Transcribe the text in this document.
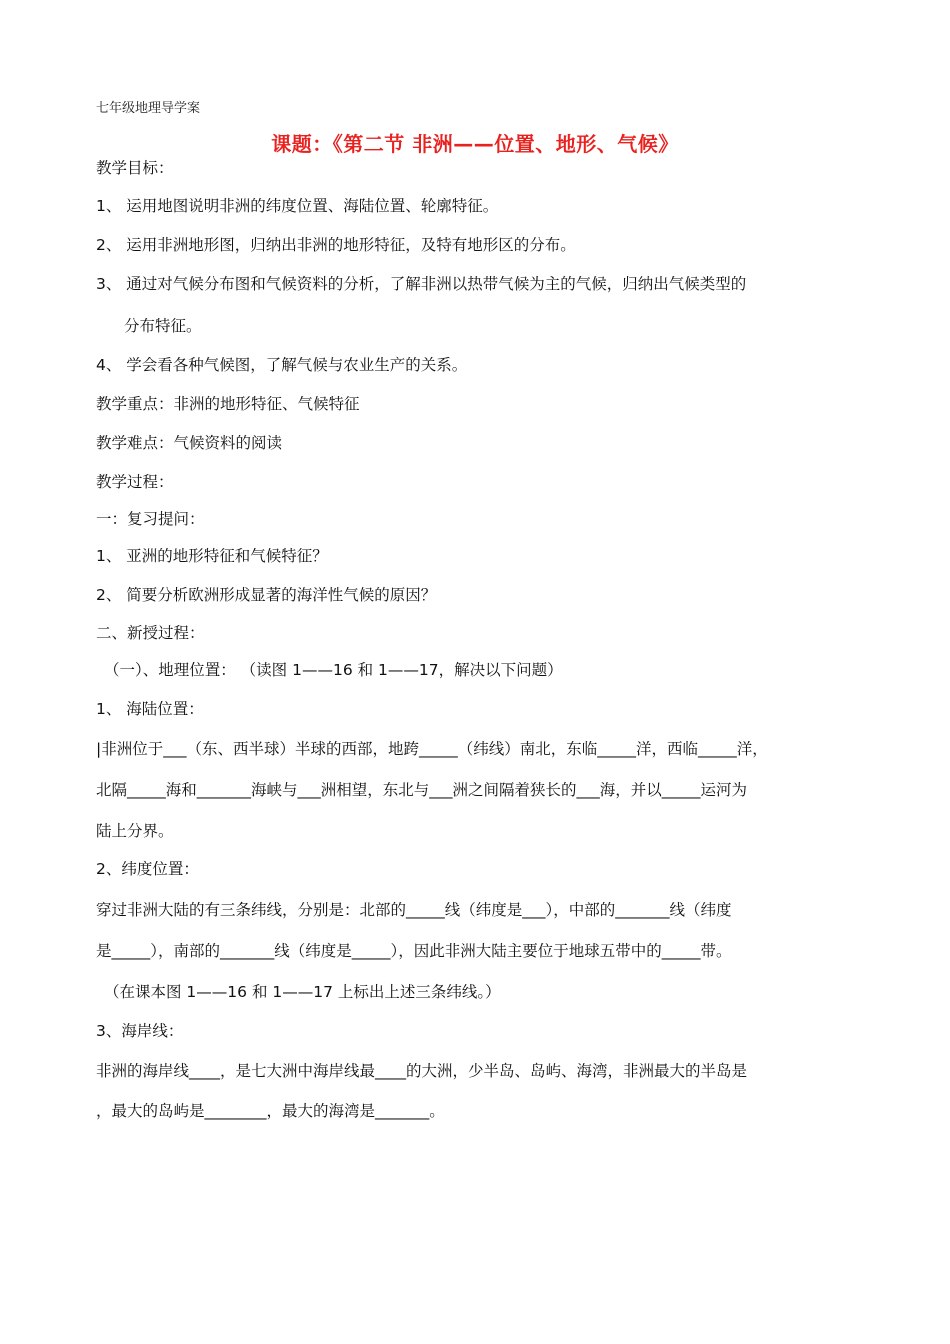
七年级地理导学案
课题：《第二节 非洲——位置、地形、气候》
教学目标：
1、 运用地图说明非洲的纬度位置、海陆位置、轮廓特征。
2、 运用非洲地形图，归纳出非洲的地形特征，及特有地形区的分布。
3、 通过对气候分布图和气候资料的分析，了解非洲以热带气候为主的气候，归纳出气候类型的
分布特征。
4、 学会看各种气候图，了解气候与农业生产的关系。
教学重点：非洲的地形特征、气候特征
教学难点：气候资料的阅读
教学过程：
一：复习提问：
1、 亚洲的地形特征和气候特征？
2、 简要分析欧洲形成显著的海洋性气候的原因？
二、新授过程：
（一）、地理位置： （读图 1——16 和 1——17，解决以下问题）
1、 海陆位置：
|非洲位于___（东、西半球）半球的西部，地跨_____（纬线）南北，东临_____洋，西临_____洋，
北隔_____海和_______海峡与___洲相望，东北与___洲之间隔着狭长的___海，并以_____运河为
陆上分界。
2、纬度位置：
穿过非洲大陆的有三条纬线，分别是：北部的_____线（纬度是___），中部的_______线（纬度
是_____），南部的_______线（纬度是_____），因此非洲大陆主要位于地球五带中的_____带。
（在课本图 1——16 和 1——17 上标出上述三条纬线。）
3、海岸线：
非洲的海岸线____，是七大洲中海岸线最____的大洲，少半岛、岛屿、海湾，非洲最大的半岛是
，最大的岛屿是________，最大的海湾是_______。
